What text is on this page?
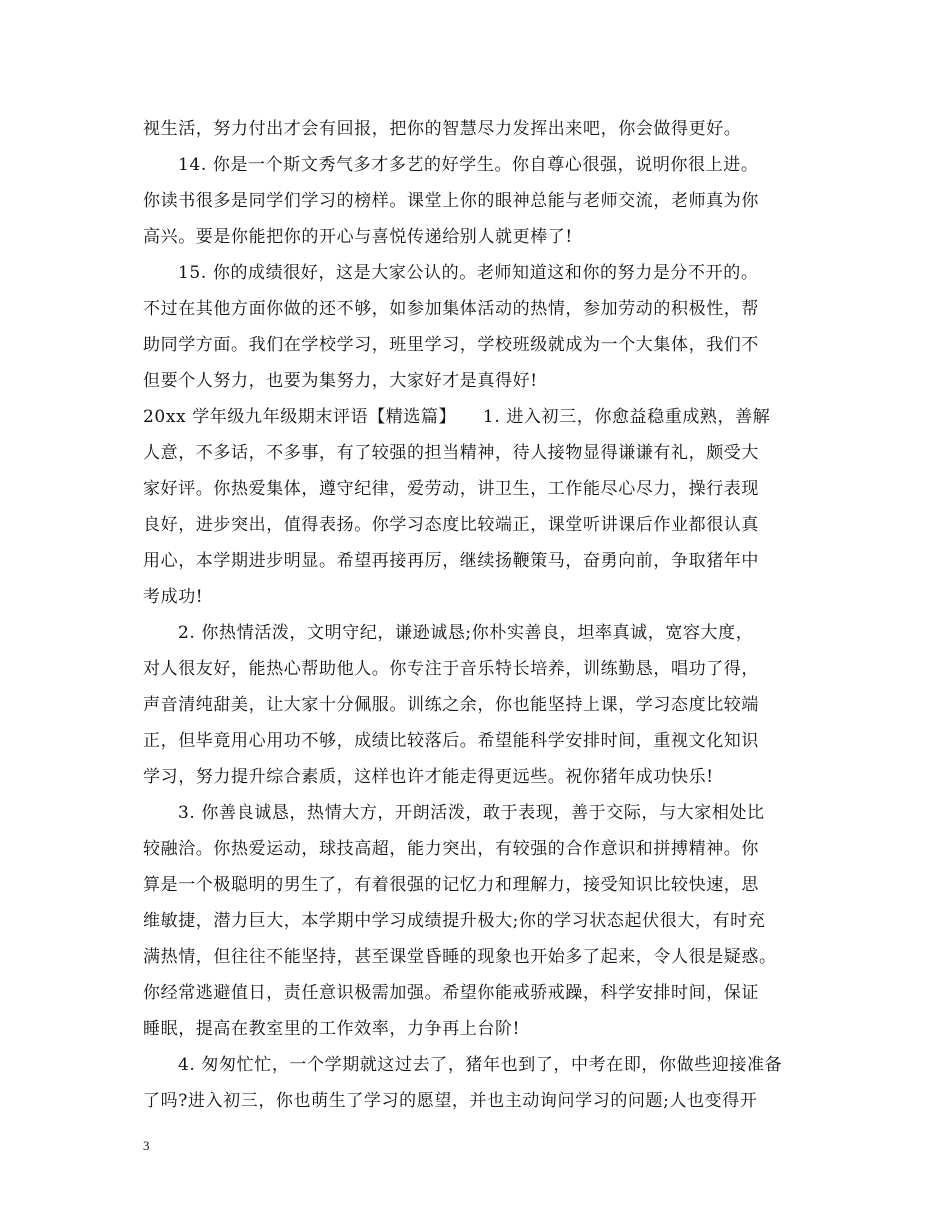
视生活，努力付出才会有回报，把你的智慧尽力发挥出来吧，你会做得更好。
14. 你是一个斯文秀气多才多艺的好学生。你自尊心很强，说明你很上进。
你读书很多是同学们学习的榜样。课堂上你的眼神总能与老师交流，老师真为你
高兴。要是你能把你的开心与喜悦传递给别人就更棒了!
15. 你的成绩很好，这是大家公认的。老师知道这和你的努力是分不开的。
不过在其他方面你做的还不够，如参加集体活动的热情，参加劳动的积极性，帮
助同学方面。我们在学校学习，班里学习，学校班级就成为一个大集体，我们不
但要个人努力，也要为集努力，大家好才是真得好!
20xx 学年级九年级期末评语【精选篇】　　1. 进入初三，你愈益稳重成熟，善解
人意，不多话，不多事，有了较强的担当精神，待人接物显得谦谦有礼，颇受大
家好评。你热爱集体，遵守纪律，爱劳动，讲卫生，工作能尽心尽力，操行表现
良好，进步突出，值得表扬。你学习态度比较端正，课堂听讲课后作业都很认真
用心，本学期进步明显。希望再接再厉，继续扬鞭策马，奋勇向前，争取猪年中
考成功!
2. 你热情活泼，文明守纪，谦逊诚恳;你朴实善良，坦率真诚，宽容大度，
对人很友好，能热心帮助他人。你专注于音乐特长培养，训练勤恳，唱功了得，
声音清纯甜美，让大家十分佩服。训练之余，你也能坚持上课，学习态度比较端
正，但毕竟用心用功不够，成绩比较落后。希望能科学安排时间，重视文化知识
学习，努力提升综合素质，这样也许才能走得更远些。祝你猪年成功快乐!
3. 你善良诚恳，热情大方，开朗活泼，敢于表现，善于交际，与大家相处比
较融洽。你热爱运动，球技高超，能力突出，有较强的合作意识和拼搏精神。你
算是一个极聪明的男生了，有着很强的记忆力和理解力，接受知识比较快速，思
维敏捷，潜力巨大，本学期中学习成绩提升极大;你的学习状态起伏很大，有时充
满热情，但往往不能坚持，甚至课堂昏睡的现象也开始多了起来，令人很是疑惑。
你经常逃避值日，责任意识极需加强。希望你能戒骄戒躁，科学安排时间，保证
睡眠，提高在教室里的工作效率，力争再上台阶!
4. 匆匆忙忙，一个学期就这过去了，猪年也到了，中考在即，你做些迎接准备
了吗?进入初三，你也萌生了学习的愿望，并也主动询问学习的问题;人也变得开
3
